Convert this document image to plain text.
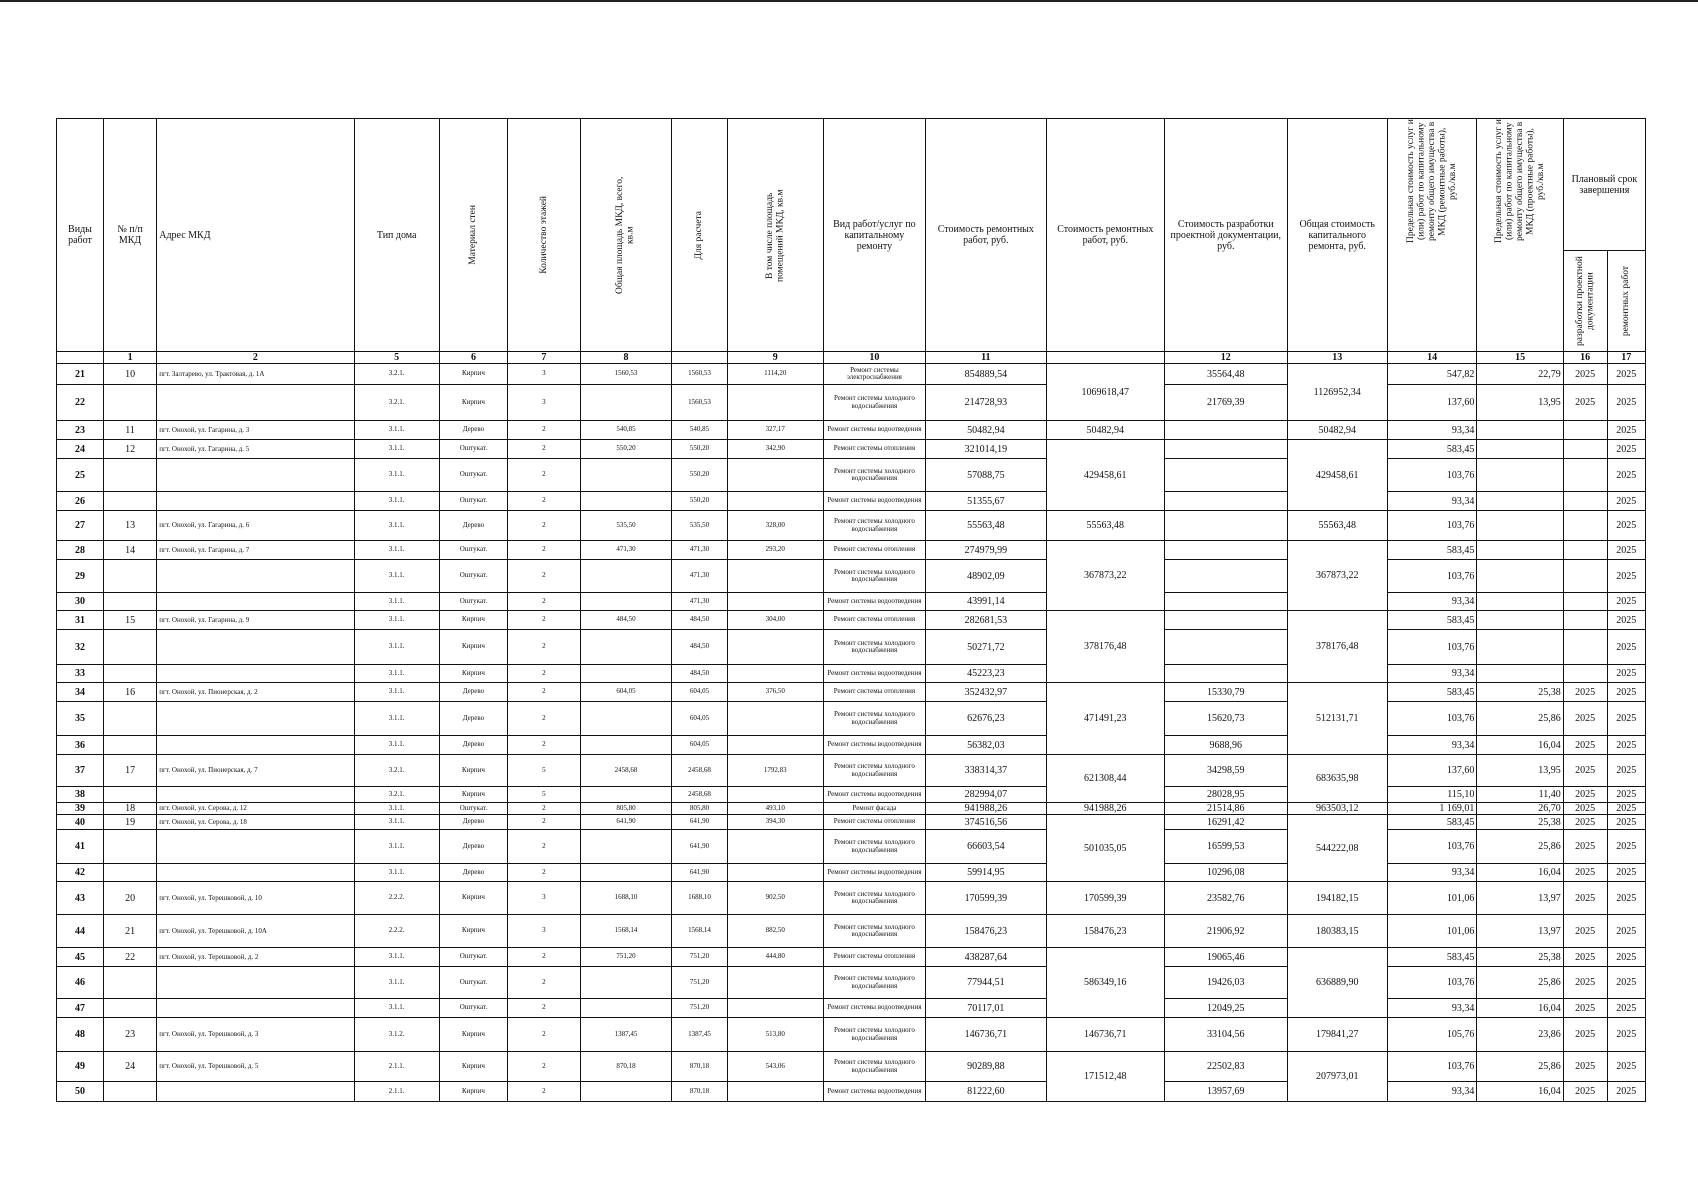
Виды работ	№ п/п МКД	Адрес МКД	Тип дома	Материал стен	Количество этажей	Общая площадь МКД, всего, кв.м	Для расчета	В том числе площадь помещений МКД, кв.м	Вид работ/услуг по капитальному ремонту	Стоимость ремонтных работ, руб.	Стоимость ремонтных работ, руб.	Стоимость разработки проектной документации, руб.	Общая стоимость капитального ремонта, руб.	Предельная стоимость услуг и (или) работ по капитальному ремонту общего имущества в МКД (ремонтные работы), руб./кв.м	Предельная стоимость услуг и (или) работ по капитальному ремонту общего имущества в МКД (проектные работы), руб./кв.м	Плановый срок завершения	

																разработки проектной документации	ремонтных работ

	1	2	5	6	7	8		9	10	11		12	13	14	15	16	17
21	10	пгт. Залтарево, ул. Трактовая, д. 1А	3.2.1.	Кирпич	3	1560,53	1560,53	1114,20	Ремонт системы электроснабжения	854889,54	1069618,47	35564,48	1126952,34	547,82	22,79	2025	2025
22			3.2.1.	Кирпич	3		1560,53		Ремонт системы холодного водоснабжения	214728,93		21769,39		137,60	13,95	2025	2025
23	11	пгт. Онохой, ул. Гагарина, д. 3	3.1.1.	Дерево	2	540,85	540,85	327,17	Ремонт системы водоотведения	50482,94	50482,94		50482,94	93,34			2025
24	12	пгт. Онохой, ул. Гагарина, д. 5	3.1.1.	Оштукат.	2	550,20	550,20	342,90	Ремонт системы отопления	321014,19	429458,61		429458,61	583,45			2025
25			3.1.1.	Оштукат.	2		550,20		Ремонт системы холодного водоснабжения	57088,75				103,76			2025
26			3.1.1.	Оштукат.	2		550,20		Ремонт системы водоотведения	51355,67				93,34			2025
27	13	пгт. Онохой, ул. Гагарина, д. 6	3.1.1.	Дерево	2	535,50	535,50	328,00	Ремонт системы холодного водоснабжения	55563,48	55563,48		55563,48	103,76			2025
28	14	пгт. Онохой, ул. Гагарина, д. 7	3.1.1.	Оштукат.	2	471,30	471,30	293,20	Ремонт системы отопления	274979,99	367873,22		367873,22	583,45			2025
29			3.1.1.	Оштукат.	2		471,30		Ремонт системы холодного водоснабжения	48902,09				103,76			2025
30			3.1.1.	Оштукат.	2		471,30		Ремонт системы водоотведения	43991,14				93,34			2025
31	15	пгт. Онохой, ул. Гагарина, д. 9	3.1.1.	Кирпич	2	484,50	484,50	304,00	Ремонт системы отопления	282681,53	378176,48		378176,48	583,45			2025
32			3.1.1.	Кирпич	2		484,50		Ремонт системы холодного водоснабжения	50271,72				103,76			2025
33			3.1.1.	Кирпич	2		484,50		Ремонт системы водоотведения	45223,23				93,34			2025
34	16	пгт. Онохой, ул. Пионерская, д. 2	3.1.1.	Дерево	2	604,05	604,05	376,50	Ремонт системы отопления	352432,97	471491,23	15330,79	512131,71	583,45	25,38	2025	2025
35			3.1.1.	Дерево	2		604,05		Ремонт системы холодного водоснабжения	62676,23		15620,73		103,76	25,86	2025	2025
36			3.1.1.	Дерево	2		604,05		Ремонт системы водоотведения	56382,03		9688,96		93,34	16,04	2025	2025
37	17	пгт. Онохой, ул. Пионерская, д. 7	3.2.1.	Кирпич	5	2458,68	2458,68	1792,83	Ремонт системы холодного водоснабжения	338314,37	621308,44	34298,59	683635,98	137,60	13,95	2025	2025
38			3.2.1.	Кирпич	5		2458,68		Ремонт системы водоотведения	282994,07		28028,95		115,10	11,40	2025	2025
39	18	пгт. Онохой, ул. Серова, д. 12	3.1.1.	Оштукат.	2	805,80	805,80	493,10	Ремонт фасада	941988,26	941988,26	21514,86	963503,12	1 169,01	26,70	2025	2025
40	19	пгт. Онохой, ул. Серова, д. 18	3.1.1.	Дерево	2	641,90	641,90	394,30	Ремонт системы отопления	374516,56	501035,05	16291,42	544222,08	583,45	25,38	2025	2025
41			3.1.1.	Дерево	2		641,90		Ремонт системы холодного водоснабжения	66603,54		16599,53		103,76	25,86	2025	2025
42			3.1.1.	Дерево	2		641,90		Ремонт системы водоотведения	59914,95		10296,08		93,34	16,04	2025	2025
43	20	пгт. Онохой, ул. Терешковой, д. 10	2.2.2.	Кирпич	3	1688,10	1688,10	902,50	Ремонт системы холодного водоснабжения	170599,39	170599,39	23582,76	194182,15	101,06	13,97	2025	2025
44	21	пгт. Онохой, ул. Терешковой, д. 10А	2.2.2.	Кирпич	3	1568,14	1568,14	882,50	Ремонт системы холодного водоснабжения	158476,23	158476,23	21906,92	180383,15	101,06	13,97	2025	2025
45	22	пгт. Онохой, ул. Терешковой, д. 2	3.1.1.	Оштукат.	2	751,20	751,20	444,80	Ремонт системы отопления	438287,64	586349,16	19065,46	636889,90	583,45	25,38	2025	2025
46			3.1.1.	Оштукат.	2		751,20		Ремонт системы холодного водоснабжения	77944,51		19426,03		103,76	25,86	2025	2025
47			3.1.1.	Оштукат.	2		751,20		Ремонт системы водоотведения	70117,01		12049,25		93,34	16,04	2025	2025
48	23	пгт. Онохой, ул. Терешковой, д. 3	3.1.2.	Кирпич	2	1387,45	1387,45	513,80	Ремонт системы холодного водоснабжения	146736,71	146736,71	33104,56	179841,27	105,76	23,86	2025	2025
49	24	пгт. Онохой, ул. Терешковой, д. 5	2.1.1.	Кирпич	2	870,18	870,18	543,06	Ремонт системы холодного водоснабжения	90289,88	171512,48	22502,83	207973,01	103,76	25,86	2025	2025
50			2.1.1.	Кирпич	2		870,18		Ремонт системы водоотведения	81222,60		13957,69		93,34	16,04	2025	2025
